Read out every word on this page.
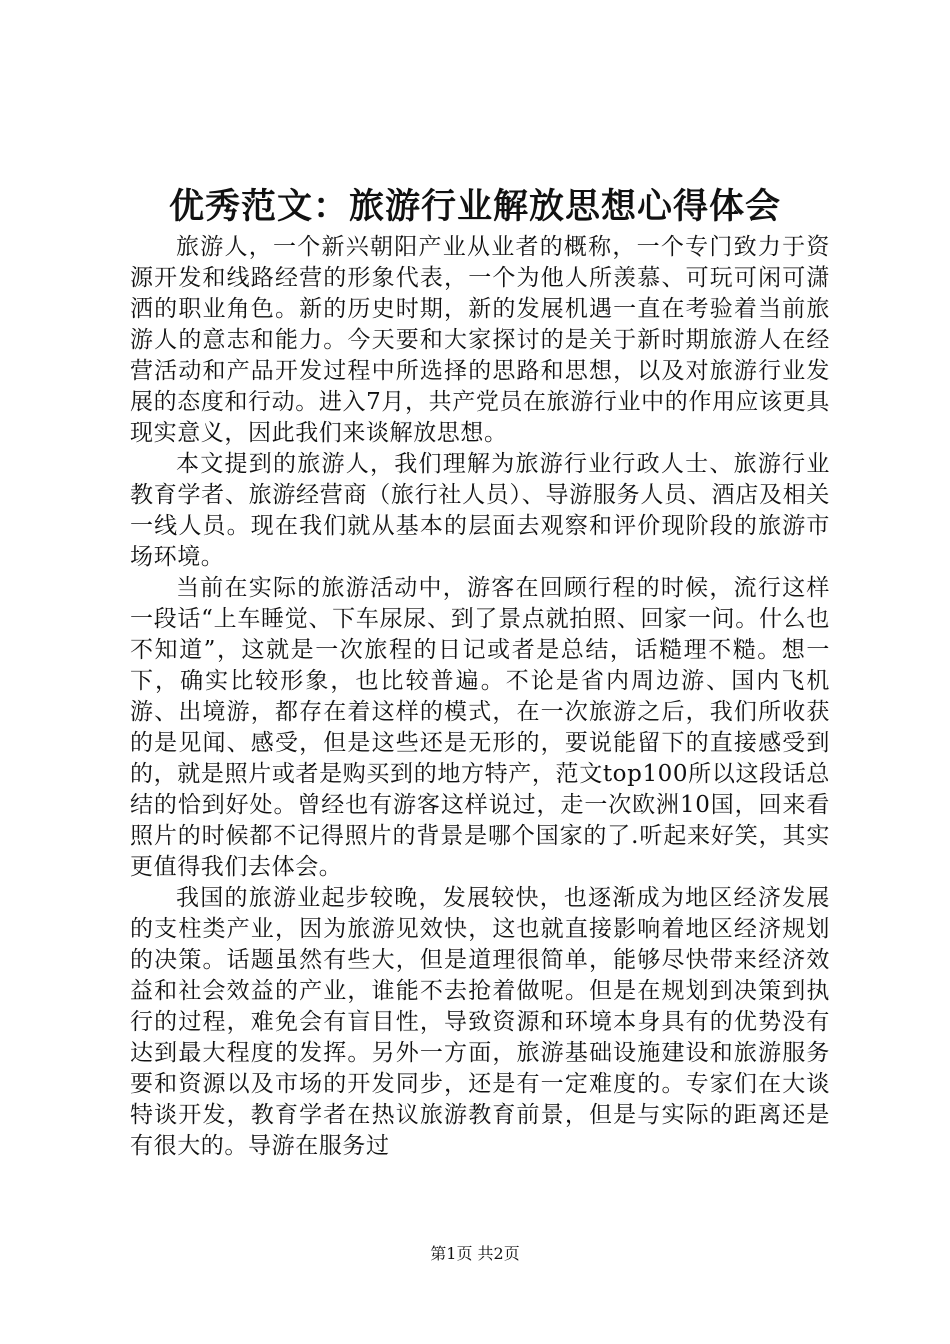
优秀范文：旅游行业解放思想心得体会

旅游人，一个新兴朝阳产业从业者的概称，一个专门致力于资源开发和线路经营的形象代表，一个为他人所羡慕、可玩可闲可潇洒的职业角色。新的历史时期，新的发展机遇一直在考验着当前旅游人的意志和能力。今天要和大家探讨的是关于新时期旅游人在经营活动和产品开发过程中所选择的思路和思想，以及对旅游行业发展的态度和行动。进入7月，共产党员在旅游行业中的作用应该更具现实意义，因此我们来谈解放思想。

本文提到的旅游人，我们理解为旅游行业行政人士、旅游行业教育学者、旅游经营商（旅行社人员）、导游服务人员、酒店及相关一线人员。现在我们就从基本的层面去观察和评价现阶段的旅游市场环境。

当前在实际的旅游活动中，游客在回顾行程的时候，流行这样一段话“上车睡觉、下车尿尿、到了景点就拍照、回家一问。什么也不知道”，这就是一次旅程的日记或者是总结，话糙理不糙。想一下，确实比较形象，也比较普遍。不论是省内周边游、国内飞机游、出境游，都存在着这样的模式，在一次旅游之后，我们所收获的是见闻、感受，但是这些还是无形的，要说能留下的直接感受到的，就是照片或者是购买到的地方特产，范文top100所以这段话总结的恰到好处。曾经也有游客这样说过，走一次欧洲10国，回来看照片的时候都不记得照片的背景是哪个国家的了.听起来好笑，其实更值得我们去体会。

我国的旅游业起步较晚，发展较快，也逐渐成为地区经济发展的支柱类产业，因为旅游见效快，这也就直接影响着地区经济规划的决策。话题虽然有些大，但是道理很简单，能够尽快带来经济效益和社会效益的产业，谁能不去抢着做呢。但是在规划到决策到执行的过程，难免会有盲目性，导致资源和环境本身具有的优势没有达到最大程度的发挥。另外一方面，旅游基础设施建设和旅游服务要和资源以及市场的开发同步，还是有一定难度的。专家们在大谈特谈开发，教育学者在热议旅游教育前景，但是与实际的距离还是有很大的。导游在服务过

第1页 共2页
